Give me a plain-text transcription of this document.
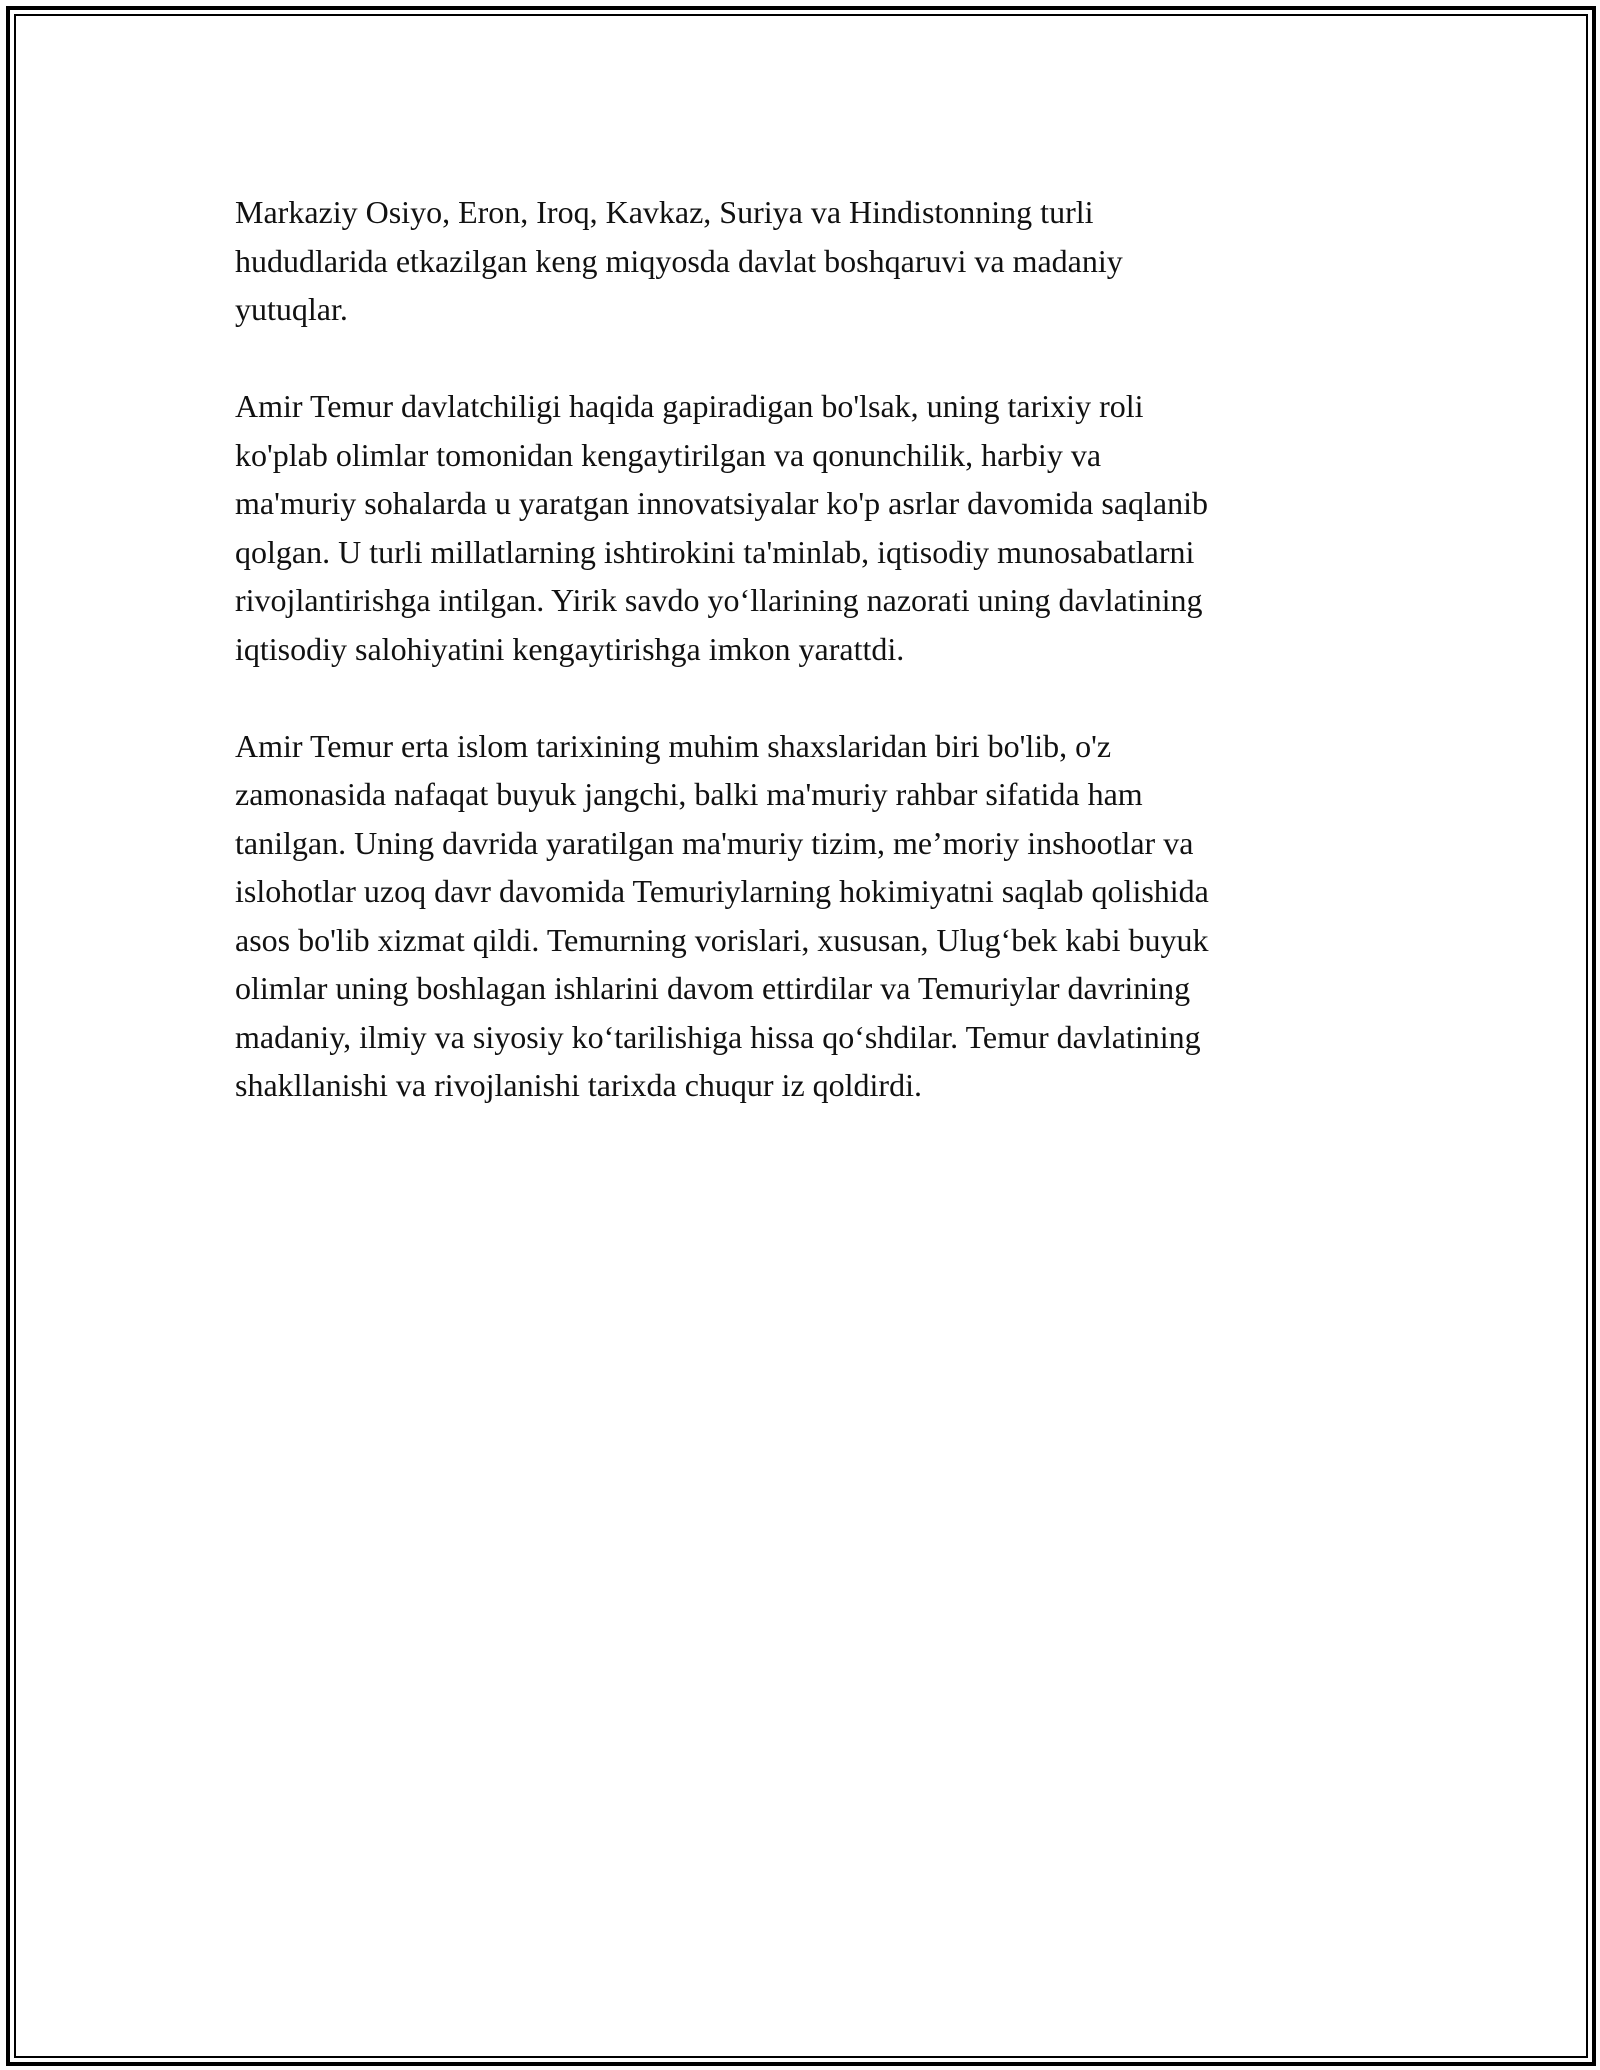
Markaziy Osiyo, Eron, Iroq, Kavkaz, Suriya va Hindistonning turli
hududlarida etkazilgan keng miqyosda davlat boshqaruvi va madaniy
yutuqlar.

Amir Temur davlatchiligi haqida gapiradigan bo'lsak, uning tarixiy roli
ko'plab olimlar tomonidan kengaytirilgan va qonunchilik, harbiy va
ma'muriy sohalarda u yaratgan innovatsiyalar ko'p asrlar davomida saqlanib
qolgan. U turli millatlarning ishtirokini ta'minlab, iqtisodiy munosabatlarni
rivojlantirishga intilgan. Yirik savdo yo‘llarining nazorati uning davlatining
iqtisodiy salohiyatini kengaytirishga imkon yarattdi.

Amir Temur erta islom tarixining muhim shaxslaridan biri bo'lib, o'z
zamonasida nafaqat buyuk jangchi, balki ma'muriy rahbar sifatida ham
tanilgan. Uning davrida yaratilgan ma'muriy tizim, me’moriy inshootlar va
islohotlar uzoq davr davomida Temuriylarning hokimiyatni saqlab qolishida
asos bo'lib xizmat qildi. Temurning vorislari, xususan, Ulug‘bek kabi buyuk
olimlar uning boshlagan ishlarini davom ettirdilar va Temuriylar davrining
madaniy, ilmiy va siyosiy ko‘tarilishiga hissa qo‘shdilar. Temur davlatining
shakllanishi va rivojlanishi tarixda chuqur iz qoldirdi.
